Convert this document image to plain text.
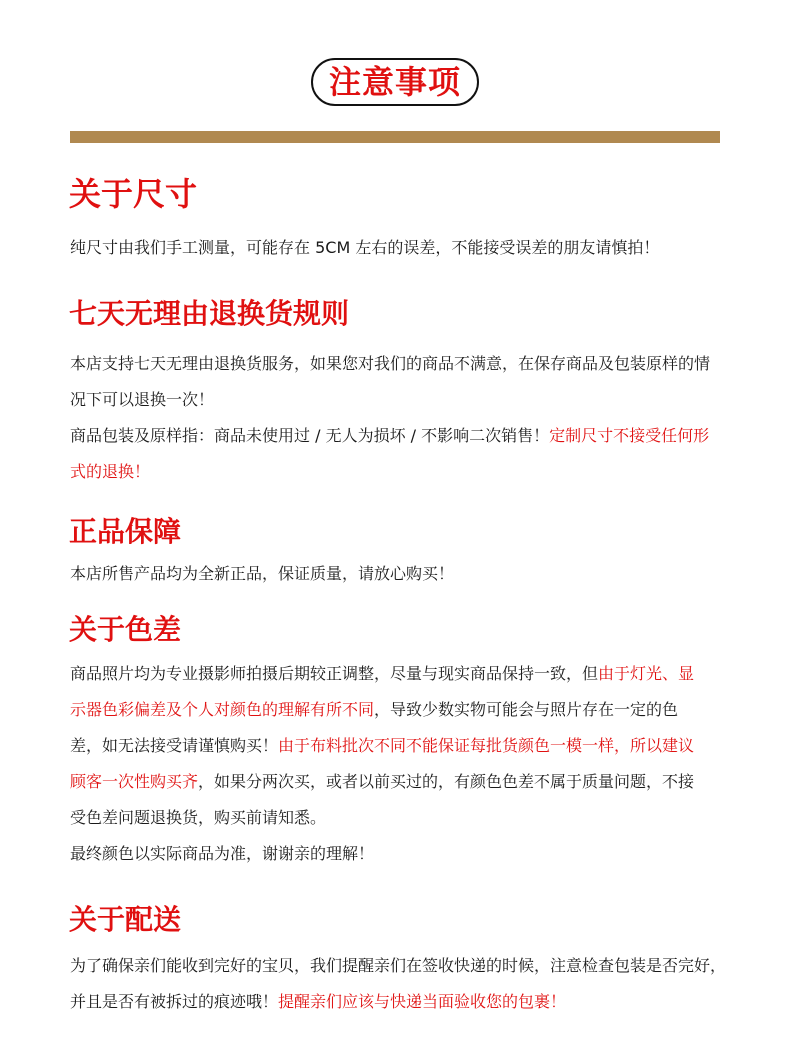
注意事项
关于尺寸

纯尺寸由我们手工测量，可能存在 5CM 左右的误差，不能接受误差的朋友请慎拍！

七天无理由退换货规则

本店支持七天无理由退换货服务，如果您对我们的商品不满意，在保存商品及包装原样的情况下可以退换一次！

商品包装及原样指：商品未使用过 / 无人为损坏 / 不影响二次销售！定制尺寸不接受任何形式的退换！

正品保障

本店所售产品均为全新正品，保证质量，请放心购买！

关于色差

商品照片均为专业摄影师拍摄后期较正调整，尽量与现实商品保持一致，但由于灯光、显示器色彩偏差及个人对颜色的理解有所不同，导致少数实物可能会与照片存在一定的色差，如无法接受请谨慎购买！由于布料批次不同不能保证每批货颜色一模一样，所以建议顾客一次性购买齐，如果分两次买，或者以前买过的，有颜色色差不属于质量问题，不接受色差问题退换货，购买前请知悉。

最终颜色以实际商品为准，谢谢亲的理解！

关于配送

为了确保亲们能收到完好的宝贝，我们提醒亲们在签收快递的时候，注意检查包装是否完好，并且是否有被拆过的痕迹哦！提醒亲们应该与快递当面验收您的包裹！
